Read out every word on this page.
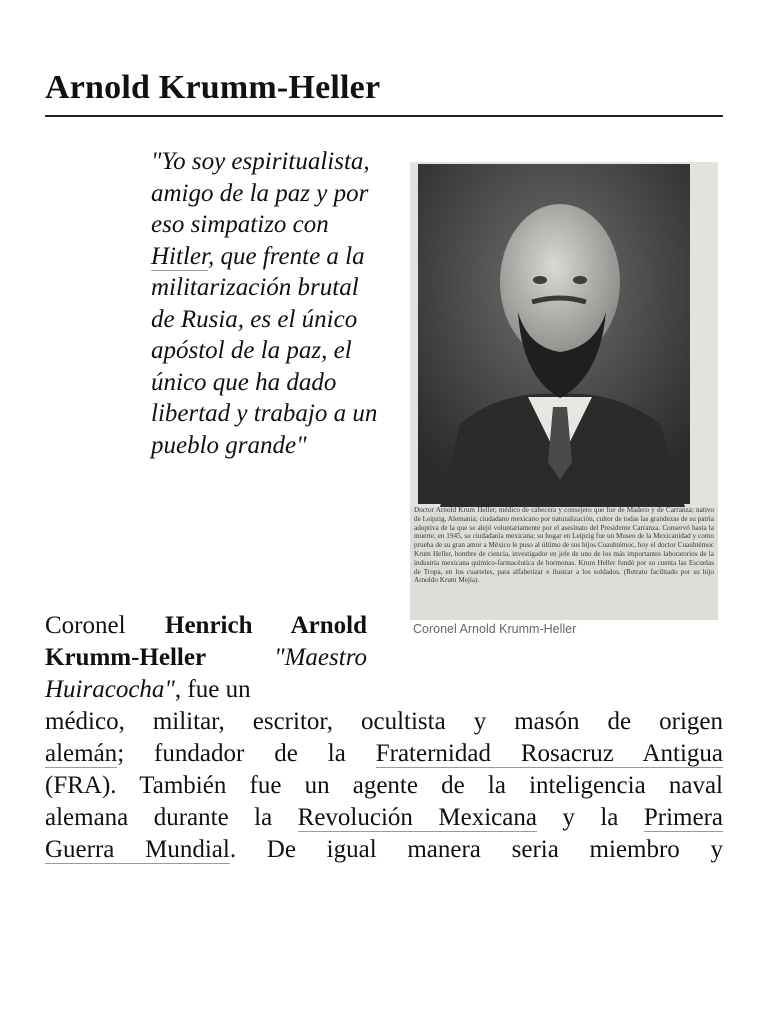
Arnold Krumm-Heller

"Yo soy espiritualista, amigo de la paz y por eso simpatizo con Hitler, que frente a la militarización brutal de Rusia, es el único apóstol de la paz, el único que ha dado libertad y trabajo a un pueblo grande"

Doctor Arnold Krum Heller, médico de cabecera y consejero que fue de Madero y de Carranza; nativo de Leipzig, Alemania; ciudadano mexicano por naturalización, cultor de todas las grandezas de su patria adoptiva de la que se alejó voluntariamente por el asesinato del Presidente Carranza. Conservó hasta la muerte, en 1945, su ciudadanía mexicana; su hogar en Leipzig fue un Museo de la Mexicanidad y como prueba de su gran amor a México le puso al último de sus hijos Cuauhtémoc, hoy el doctor Cuauhtémoc Krum Heller, hombre de ciencia, investigador en jefe de uno de los más importantes laboratorios de la industria mexicana químico-farmacéutica de hormonas. Krum Heller fundó por su cuenta las Escuelas de Tropa, en los cuarteles, para alfabetizar e ilustrar a los soldados. (Retrato facilitado por su hijo Arnoldo Krum Mejía).
Coronel Arnold Krumm-Heller

Coronel Henrich Arnold Krumm-Heller "Maestro Huiracocha", fue un

médico, militar, escritor, ocultista y masón de origen
alemán; fundador de la Fraternidad Rosacruz Antigua
(FRA). También fue un agente de la inteligencia naval
alemana durante la Revolución Mexicana y la Primera
Guerra Mundial. De igual manera seria miembro y
